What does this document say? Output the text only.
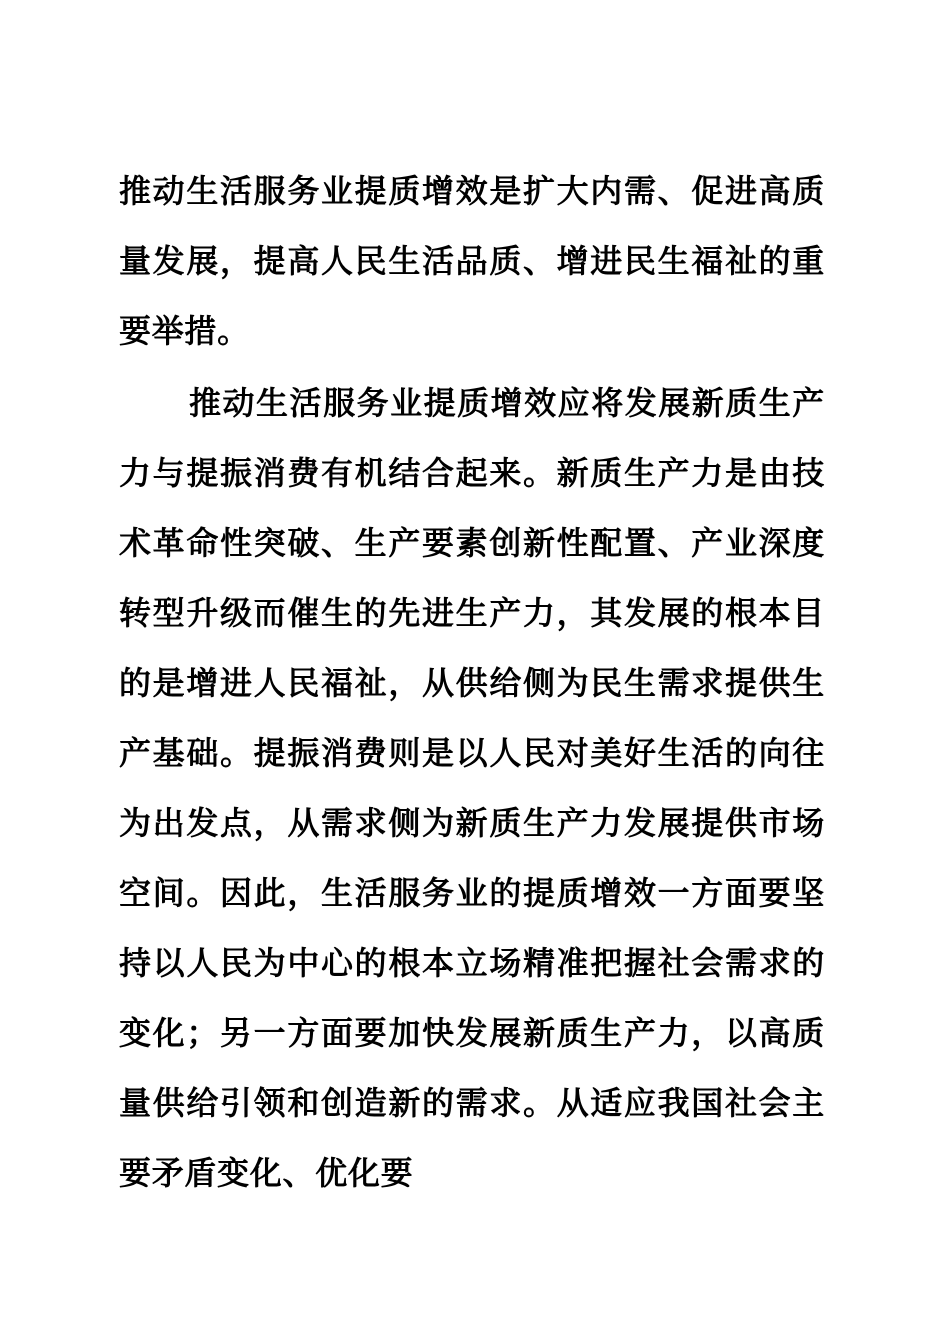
推动生活服务业提质增效是扩大内需、促进高质量发展，提高人民生活品质、增进民生福祉的重要举措。

推动生活服务业提质增效应将发展新质生产力与提振消费有机结合起来。新质生产力是由技术革命性突破、生产要素创新性配置、产业深度转型升级而催生的先进生产力，其发展的根本目的是增进人民福祉，从供给侧为民生需求提供生产基础。提振消费则是以人民对美好生活的向往为出发点，从需求侧为新质生产力发展提供市场空间。因此，生活服务业的提质增效一方面要坚持以人民为中心的根本立场精准把握社会需求的变化；另一方面要加快发展新质生产力，以高质量供给引领和创造新的需求。从适应我国社会主要矛盾变化、优化要
